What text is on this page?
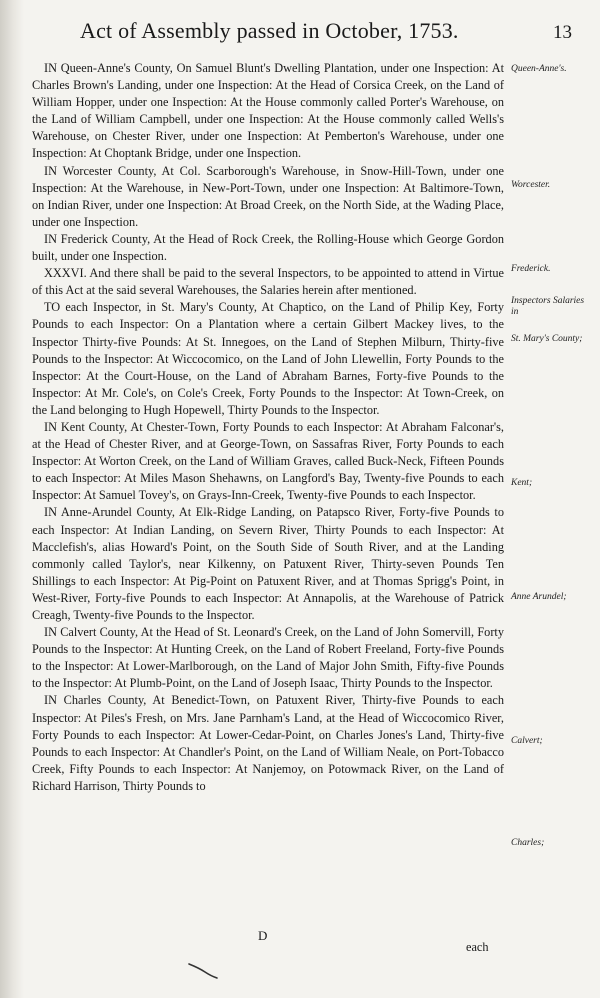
Act of Assembly passed in October, 1753.	13

IN Queen-Anne's County, On Samuel Blunt's Dwelling Plantation, under one Inspection: At Charles Brown's Landing, under one Inspection: At the Head of Corsica Creek, on the Land of William Hopper, under one Inspection: At the House commonly called Porter's Warehouse, on the Land of William Campbell, under one Inspection: At the House commonly called Wells's Warehouse, on Chester River, under one Inspection: At Pemberton's Warehouse, under one Inspection: At Choptank Bridge, under one Inspection.

IN Worcester County, At Col. Scarborough's Warehouse, in Snow-Hill-Town, under one Inspection: At the Warehouse, in New-Port-Town, under one Inspection: At Baltimore-Town, on Indian River, under one Inspection: At Broad Creek, on the North Side, at the Wading Place, under one Inspection.

IN Frederick County, At the Head of Rock Creek, the Rolling-House which George Gordon built, under one Inspection.

XXXVI. And there shall be paid to the several Inspectors, to be appointed to attend in Virtue of this Act at the said several Warehouses, the Salaries herein after mentioned.

TO each Inspector, in St. Mary's County, At Chaptico, on the Land of Philip Key, Forty Pounds to each Inspector: On a Plantation where a certain Gilbert Mackey lives, to the Inspector Thirty-five Pounds: At St. Innegoes, on the Land of Stephen Milburn, Thirty-five Pounds to the Inspector: At Wiccocomico, on the Land of John Llewellin, Forty Pounds to the Inspector: At the Court-House, on the Land of Abraham Barnes, Forty-five Pounds to the Inspector: At Mr. Cole's, on Cole's Creek, Forty Pounds to the Inspector: At Town-Creek, on the Land belonging to Hugh Hopewell, Thirty Pounds to the Inspector.

IN Kent County, At Chester-Town, Forty Pounds to each Inspector: At Abraham Falconar's, at the Head of Chester River, and at George-Town, on Sassafras River, Forty Pounds to each Inspector: At Worton Creek, on the Land of William Graves, called Buck-Neck, Fifteen Pounds to each Inspector: At Miles Mason Shehawns, on Langford's Bay, Twenty-five Pounds to each Inspector: At Samuel Tovey's, on Grays-Inn-Creek, Twenty-five Pounds to each Inspector.

IN Anne-Arundel County, At Elk-Ridge Landing, on Patapsco River, Forty-five Pounds to each Inspector: At Indian Landing, on Severn River, Thirty Pounds to each Inspector: At Macclefish's, alias Howard's Point, on the South Side of South River, and at the Landing commonly called Taylor's, near Kilkenny, on Patuxent River, Thirty-seven Pounds Ten Shillings to each Inspector: At Pig-Point on Patuxent River, and at Thomas Sprigg's Point, in West-River, Forty-five Pounds to each Inspector: At Annapolis, at the Warehouse of Patrick Creagh, Twenty-five Pounds to the Inspector.

IN Calvert County, At the Head of St. Leonard's Creek, on the Land of John Somervill, Forty Pounds to the Inspector: At Hunting Creek, on the Land of Robert Freeland, Forty-five Pounds to the Inspector: At Lower-Marlborough, on the Land of Major John Smith, Fifty-five Pounds to the Inspector: At Plumb-Point, on the Land of Joseph Isaac, Thirty Pounds to the Inspector.

IN Charles County, At Benedict-Town, on Patuxent River, Thirty-five Pounds to each Inspector: At Piles's Fresh, on Mrs. Jane Parnham's Land, at the Head of Wiccocomico River, Forty Pounds to each Inspector: At Lower-Cedar-Point, on Charles Jones's Land, Thirty-five Pounds to each Inspector: At Chandler's Point, on the Land of William Neale, on Port-Tobacco Creek, Fifty Pounds to each Inspector: At Nanjemoy, on Potowmack River, on the Land of Richard Harrison, Thirty Pounds to

Queen-Anne's.
Worcester.
Frederick.
Inspectors Salaries in
St. Mary's County;
Kent;
Anne Arundel;
Calvert;
Charles;
D
each
